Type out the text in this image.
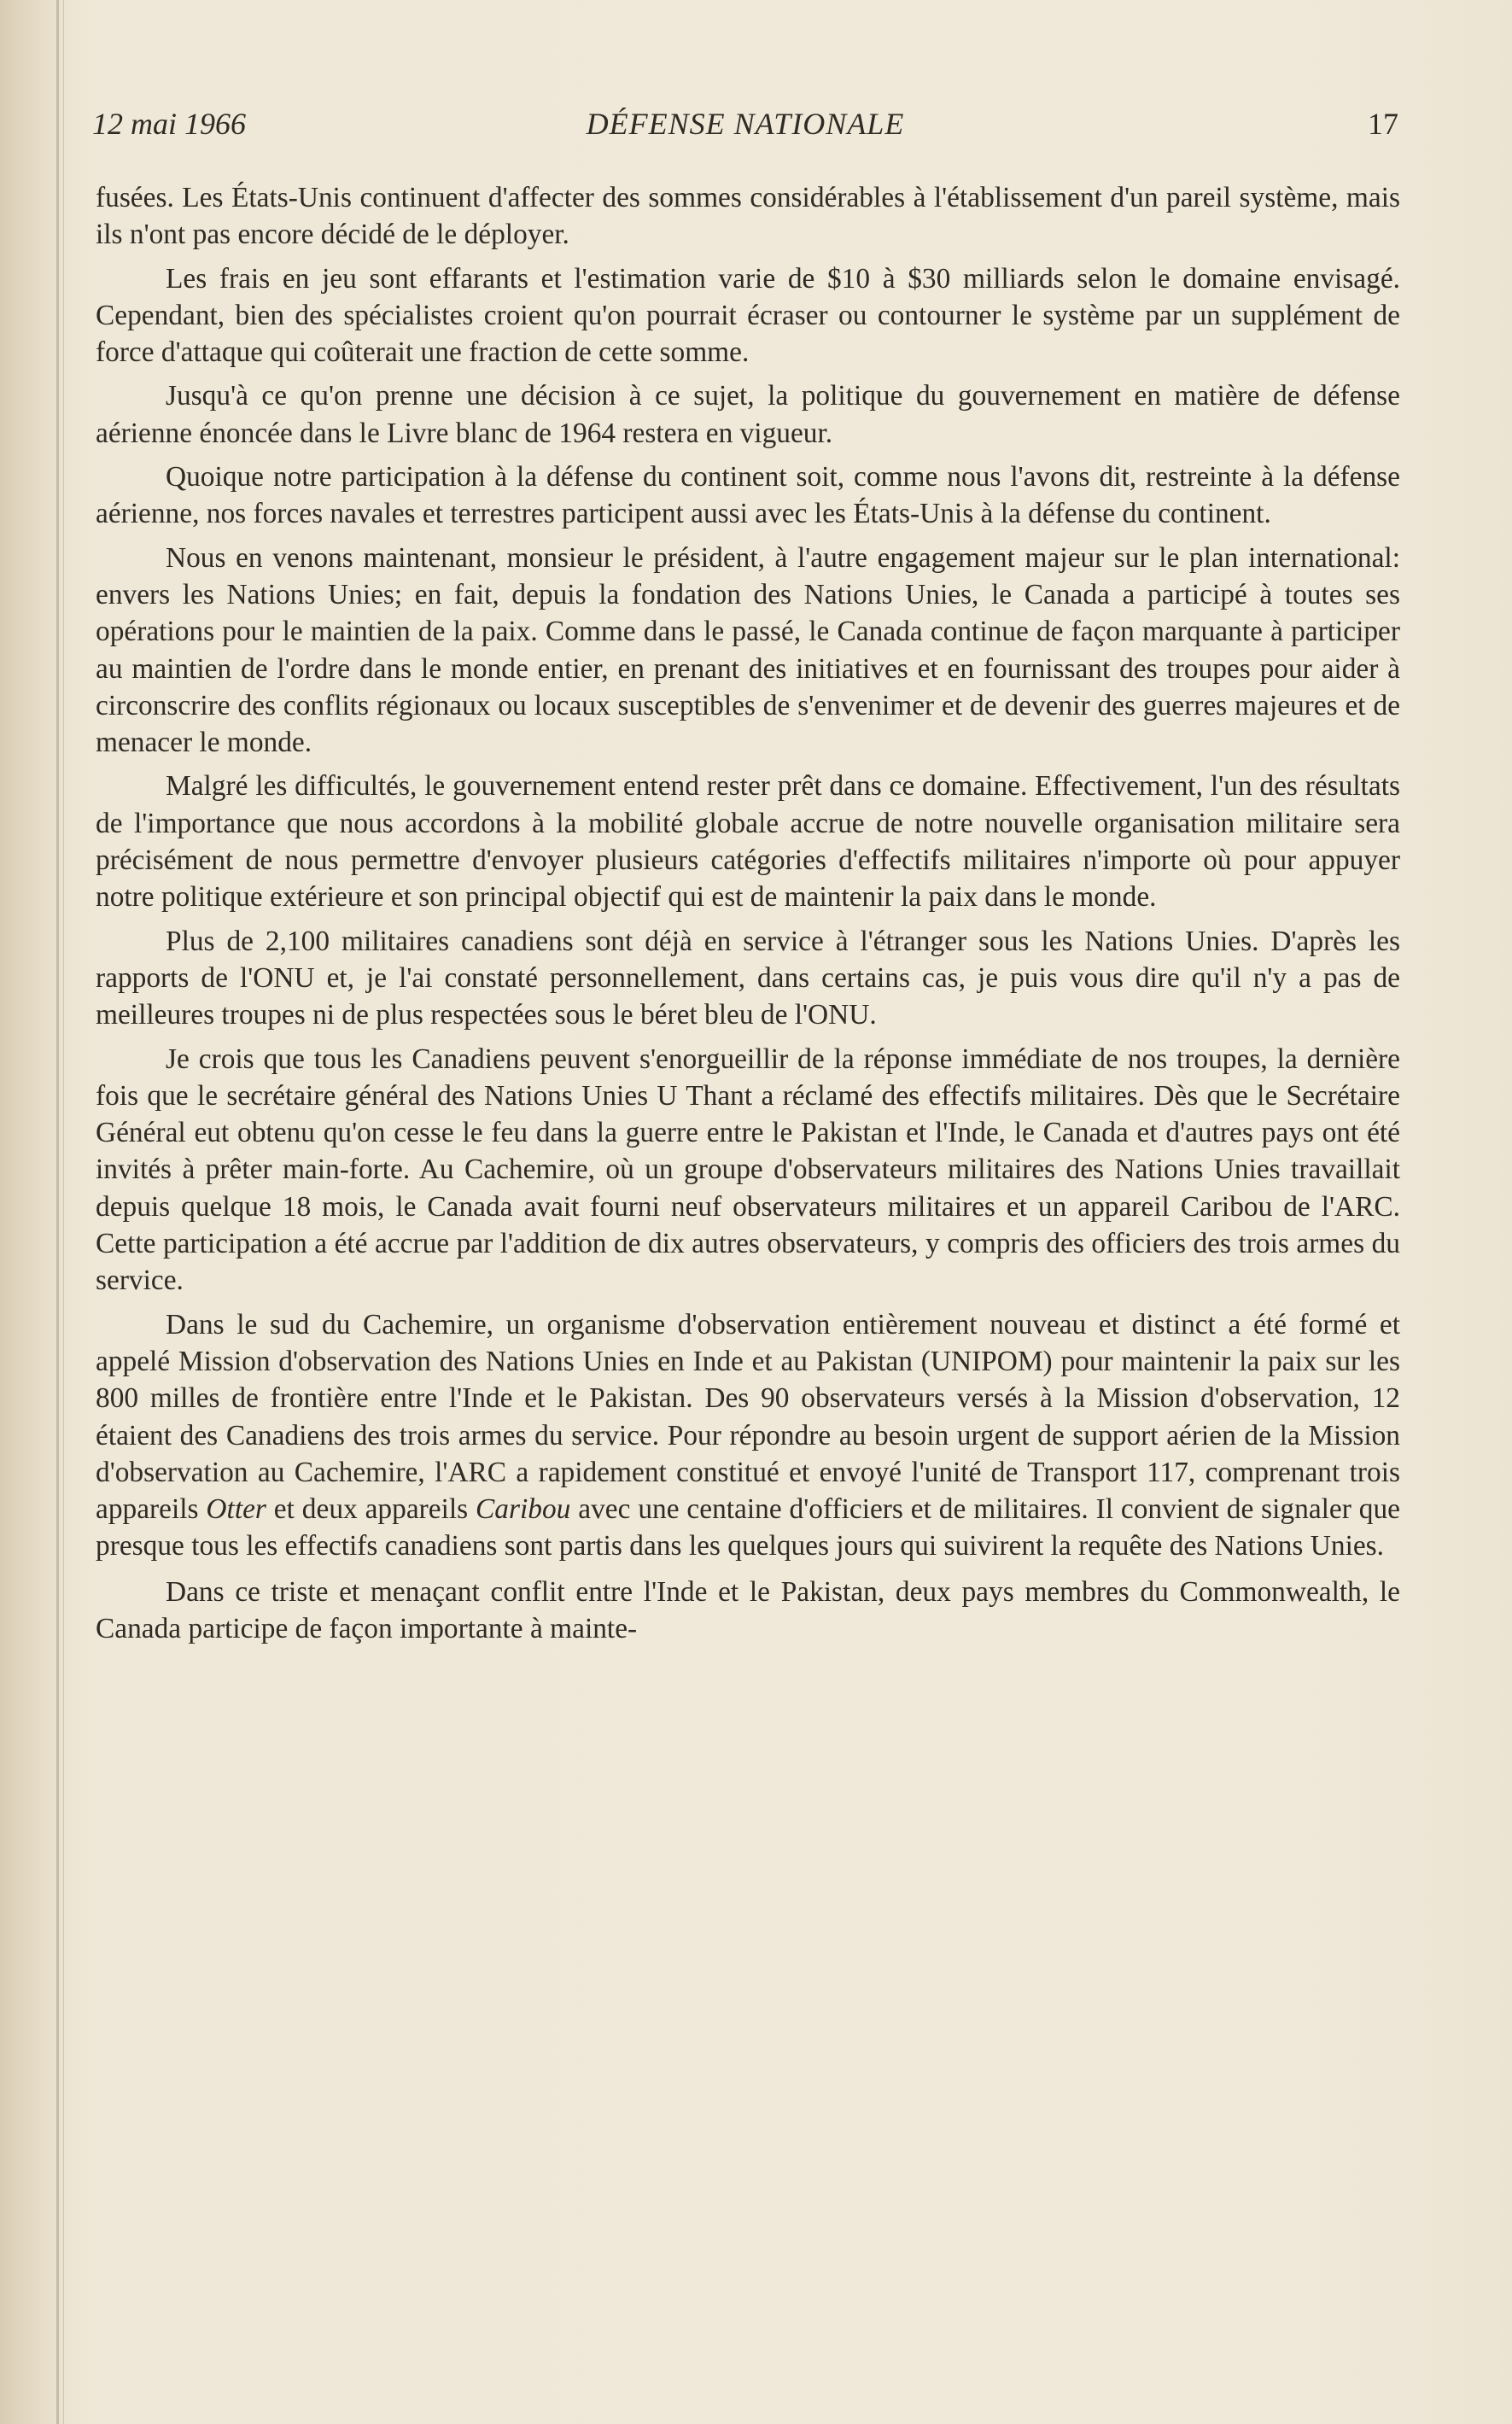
12 mai 1966	DÉFENSE NATIONALE	17

fusées. Les États-Unis continuent d'affecter des sommes considérables à l'établissement d'un pareil système, mais ils n'ont pas encore décidé de le déployer.

Les frais en jeu sont effarants et l'estimation varie de $10 à $30 milliards selon le domaine envisagé. Cependant, bien des spécialistes croient qu'on pourrait écraser ou contourner le système par un supplément de force d'attaque qui coûterait une fraction de cette somme.

Jusqu'à ce qu'on prenne une décision à ce sujet, la politique du gouvernement en matière de défense aérienne énoncée dans le Livre blanc de 1964 restera en vigueur.

Quoique notre participation à la défense du continent soit, comme nous l'avons dit, restreinte à la défense aérienne, nos forces navales et terrestres participent aussi avec les États-Unis à la défense du continent.

Nous en venons maintenant, monsieur le président, à l'autre engagement majeur sur le plan international: envers les Nations Unies; en fait, depuis la fondation des Nations Unies, le Canada a participé à toutes ses opérations pour le maintien de la paix. Comme dans le passé, le Canada continue de façon marquante à participer au maintien de l'ordre dans le monde entier, en prenant des initiatives et en fournissant des troupes pour aider à circonscrire des conflits régionaux ou locaux susceptibles de s'envenimer et de devenir des guerres majeures et de menacer le monde.

Malgré les difficultés, le gouvernement entend rester prêt dans ce domaine. Effectivement, l'un des résultats de l'importance que nous accordons à la mobilité globale accrue de notre nouvelle organisation militaire sera précisément de nous permettre d'envoyer plusieurs catégories d'effectifs militaires n'importe où pour appuyer notre politique extérieure et son principal objectif qui est de maintenir la paix dans le monde.

Plus de 2,100 militaires canadiens sont déjà en service à l'étranger sous les Nations Unies. D'après les rapports de l'ONU et, je l'ai constaté personnellement, dans certains cas, je puis vous dire qu'il n'y a pas de meilleures troupes ni de plus respectées sous le béret bleu de l'ONU.

Je crois que tous les Canadiens peuvent s'enorgueillir de la réponse immédiate de nos troupes, la dernière fois que le secrétaire général des Nations Unies U Thant a réclamé des effectifs militaires. Dès que le Secrétaire Général eut obtenu qu'on cesse le feu dans la guerre entre le Pakistan et l'Inde, le Canada et d'autres pays ont été invités à prêter main-forte. Au Cachemire, où un groupe d'observateurs militaires des Nations Unies travaillait depuis quelque 18 mois, le Canada avait fourni neuf observateurs militaires et un appareil Caribou de l'ARC. Cette participation a été accrue par l'addition de dix autres observateurs, y compris des officiers des trois armes du service.

Dans le sud du Cachemire, un organisme d'observation entièrement nouveau et distinct a été formé et appelé Mission d'observation des Nations Unies en Inde et au Pakistan (UNIPOM) pour maintenir la paix sur les 800 milles de frontière entre l'Inde et le Pakistan. Des 90 observateurs versés à la Mission d'observation, 12 étaient des Canadiens des trois armes du service. Pour répondre au besoin urgent de support aérien de la Mission d'observation au Cachemire, l'ARC a rapidement constitué et envoyé l'unité de Transport 117, comprenant trois appareils Otter et deux appareils Caribou avec une centaine d'officiers et de militaires. Il convient de signaler que presque tous les effectifs canadiens sont partis dans les quelques jours qui suivirent la requête des Nations Unies.

Dans ce triste et menaçant conflit entre l'Inde et le Pakistan, deux pays membres du Commonwealth, le Canada participe de façon importante à mainte-
